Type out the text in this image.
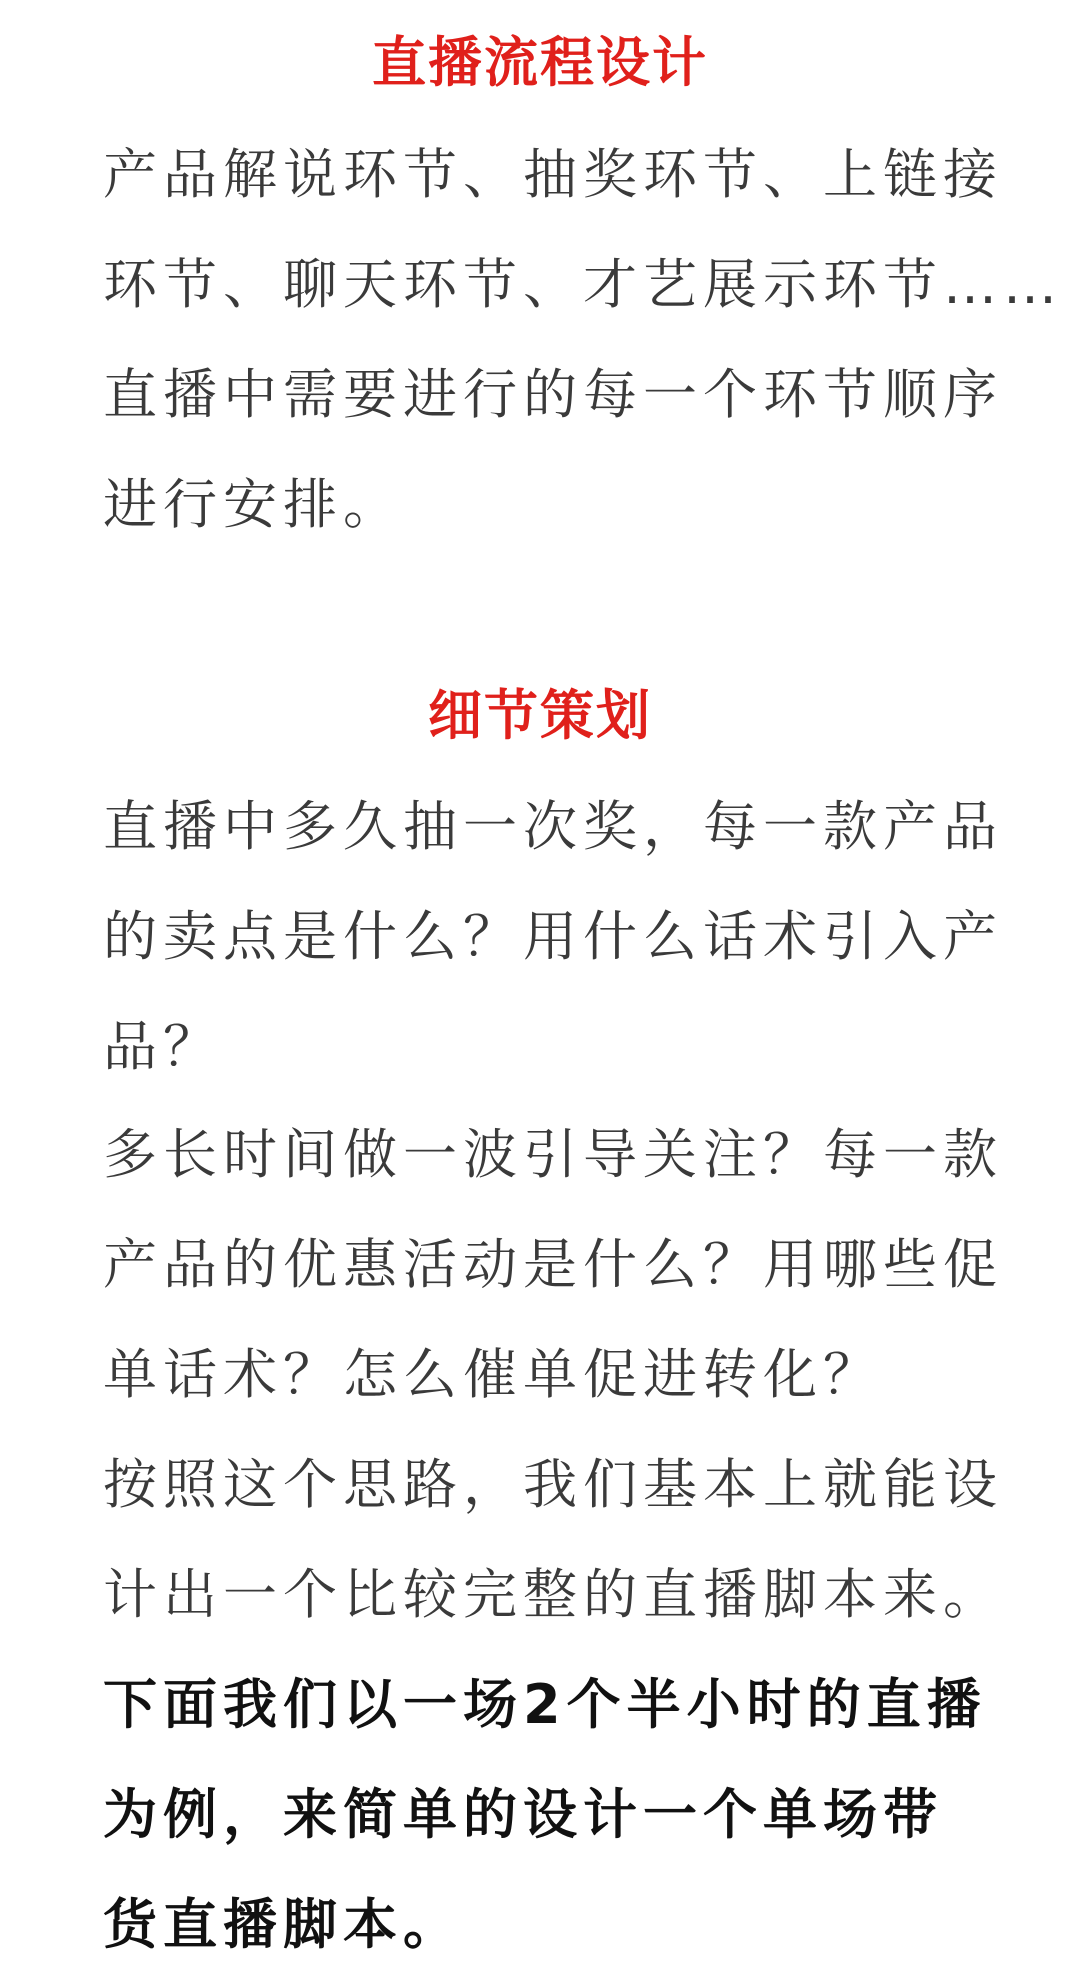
直播流程设计

产品解说环节、抽奖环节、上链接
环节、聊天环节、才艺展示环节……
直播中需要进行的每一个环节顺序
进行安排。

细节策划

直播中多久抽一次奖，每一款产品
的卖点是什么？用什么话术引入产
品？

多长时间做一波引导关注？每一款
产品的优惠活动是什么？用哪些促
单话术？怎么催单促进转化？

按照这个思路，我们基本上就能设
计出一个比较完整的直播脚本来。

下面我们以一场2个半小时的直播
为例，来简单的设计一个单场带
货直播脚本。
